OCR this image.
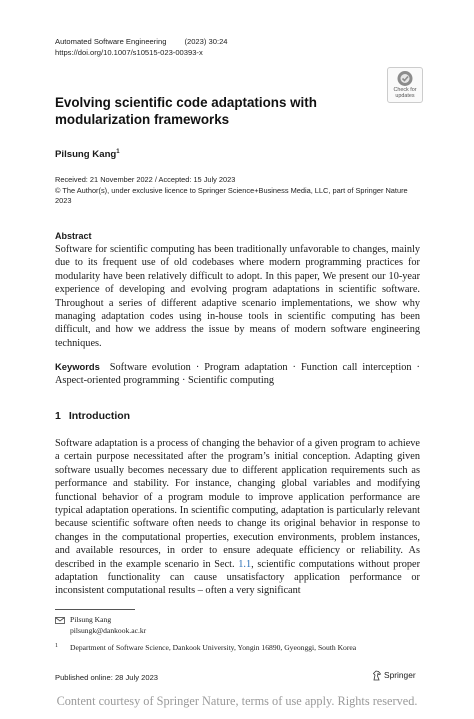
Automated Software Engineering (2023) 30:24
https://doi.org/10.1007/s10515-023-00393-x
Check for
updates
Evolving scientific code adaptations with modularization frameworks
Pilsung Kang$^1$
Received: 21 November 2022 / Accepted: 15 July 2023
© The Author(s), under exclusive licence to Springer Science+Business Media, LLC, part of Springer Nature 2023
Abstract
Software for scientific computing has been traditionally unfavorable to changes, mainly due to its frequent use of old codebases where modern programming practices for modularity have been relatively difficult to adopt. In this paper, We present our 10-year experience of developing and evolving program adaptations in scientific software. Throughout a series of different adaptive scenario implementations, we show why managing adaptation codes using in-house tools in scientific computing has been difficult, and how we address the issue by means of modern software engineering techniques.
Keywords Software evolution · Program adaptation · Function call interception · Aspect-oriented programming · Scientific computing
1 Introduction
Software adaptation is a process of changing the behavior of a given program to achieve a certain purpose necessitated after the program’s initial conception. Adapting given software usually becomes necessary due to different application requirements such as performance and stability. For instance, changing global variables and modifying functional behavior of a program module to improve application performance are typical adaptation operations. In scientific computing, adaptation is particularly relevant because scientific software often needs to change its original behavior in response to changes in the computational properties, execution environments, problem instances, and available resources, in order to ensure adequate efficiency or reliability. As described in the example scenario in Sect. 1.1, scientific computations without proper adaptation functionality can cause unsatisfactory application performance or inconsistent computational results – often a very significant
Pilsung Kang
pilsungk@dankook.ac.kr
1 Department of Software Science, Dankook University, Yongin 16890, Gyeonggi, South Korea
Published online: 28 July 2023	Springer
Content courtesy of Springer Nature, terms of use apply. Rights reserved.
